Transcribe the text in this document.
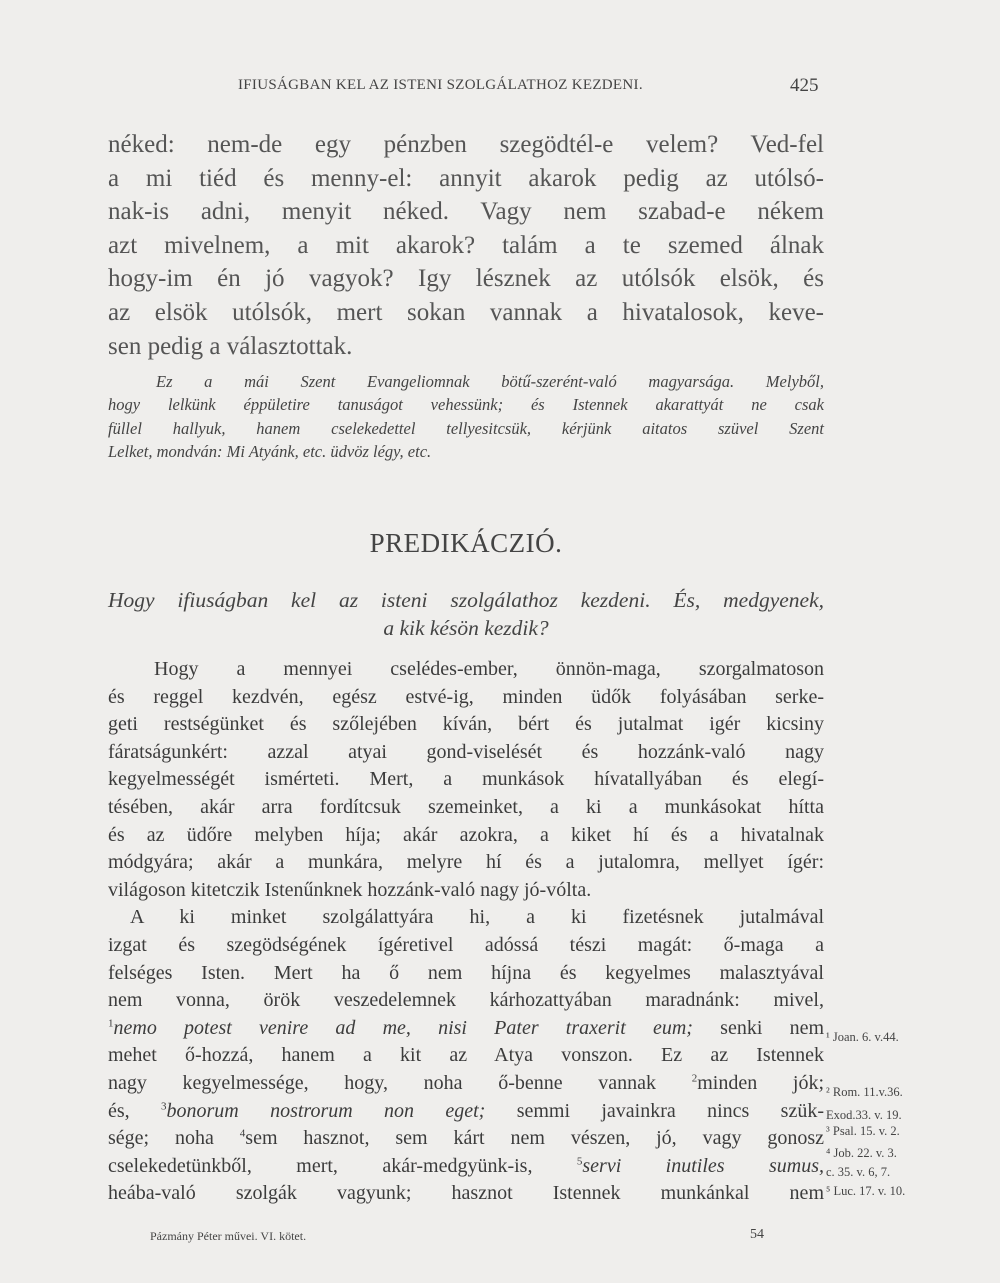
IFIUSÁGBAN KEL AZ ISTENI SZOLGÁLATHOZ KEZDENI.	425
néked: nem-de egy pénzben szegödtél-e velem? Ved-fel
a mi tiéd és menny-el: annyit akarok pedig az utólsó-
nak-is adni, menyit néked. Vagy nem szabad-e nékem
azt mivelnem, a mit akarok? talám a te szemed álnak
hogy-im én jó vagyok? Igy lésznek az utólsók elsök, és
az elsök utólsók, mert sokan vannak a hivatalosok, keve-
sen pedig a választottak.
Ez a mái Szent Evangeliomnak bötű-szerént-való magyarsága. Melyből,
hogy lelkünk éppületire tanuságot vehessünk; és Istennek akarattyát ne csak
füllel hallyuk, hanem cselekedettel tellyesitcsük, kérjünk aitatos szüvel Szent
Lelket, mondván: Mi Atyánk, etc. üdvöz légy, etc.
PREDIKÁCZIÓ.
Hogy ifiuságban kel az isteni szolgálathoz kezdeni. És, medgyenek,
a kik késön kezdik?
Hogy a mennyei cselédes-ember, önnön-maga, szorgalmatoson
és reggel kezdvén, egész estvé-ig, minden üdők folyásában serke-
geti restségünket és szőlejében kíván, bért és jutalmat igér kicsiny
fáratságunkért: azzal atyai gond-viselését és hozzánk-való nagy
kegyelmességét ismérteti. Mert, a munkások hívatallyában és elegí-
tésében, akár arra fordítcsuk szemeinket, a ki a munkásokat hítta
és az üdőre melyben híja; akár azokra, a kiket hí és a hivatalnak
módgyára; akár a munkára, melyre hí és a jutalomra, mellyet ígér:
világoson kitetczik Istenűnknek hozzánk-való nagy jó-vólta.
A ki minket szolgálattyára hi, a ki fizetésnek jutalmával
izgat és szegödségének ígéretivel adóssá tészi magát: ő-maga a
felséges Isten. Mert ha ő nem híjna és kegyelmes malasztyával
nem vonna, örök veszedelemnek kárhozattyában maradnánk: mivel,
$^1$nemo potest venire ad me, nisi Pater traxerit eum; senki nem
mehet ő-hozzá, hanem a kit az Atya vonszon. Ez az Istennek
nagy kegyelmessége, hogy, noha ő-benne vannak	$^2$minden jók;
és,	$^3$bonorum nostrorum non eget; semmi javainkra nincs szük-
sége; noha $^4$sem hasznot, sem kárt nem vészen, jó, vagy gonosz
cselekedetünkből, mert, akár-medgyünk-is,	$^5$servi inutiles sumus,
heába-való szolgák vagyunk; hasznot Istennek munkánkal nem
¹ Joan. 6. v.44.
² Rom. 11.v.36.
Exod.33. v. 19.
³ Psal. 15. v. 2.
⁴ Job. 22. v. 3.
c. 35. v. 6, 7.
⁵ Luc. 17. v. 10.
Pázmány Péter művei. VI. kötet.	54
